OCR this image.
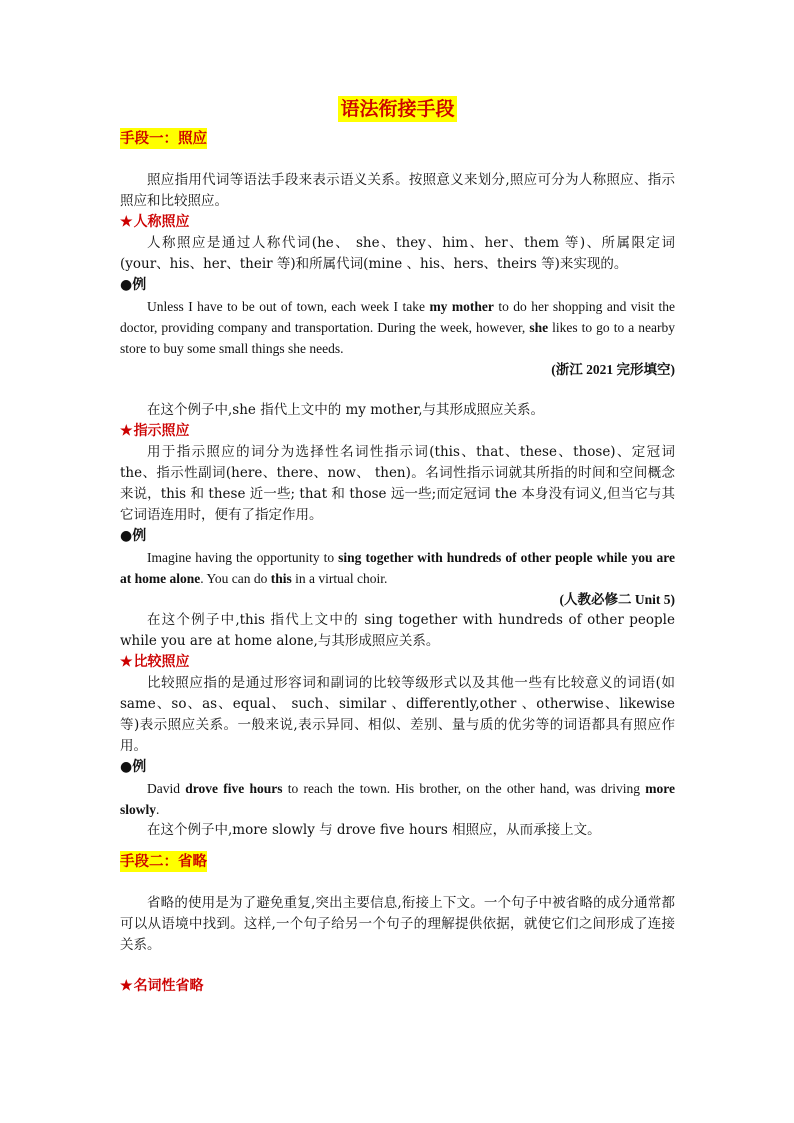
语法衔接手段
手段一：照应

照应指用代词等语法手段来表示语义关系。按照意义来划分,照应可分为人称照应、指示照应和比较照应。

★人称照应

人称照应是通过人称代词(he、 she、they、him、her、them 等)、所属限定词(your、his、her、their 等)和所属代词(mine 、his、hers、theirs 等)来实现的。

●例

Unless I have to be out of town, each week I take my mother to do her shopping and visit the doctor, providing company and transportation. During the week, however, she likes to go to a nearby store to buy some small things she needs.

(浙江 2021 完形填空)

在这个例子中,she 指代上文中的 my mother,与其形成照应关系。

★指示照应

用于指示照应的词分为选择性名词性指示词(this、that、these、those)、定冠词 the、指示性副词(here、there、now、 then)。名词性指示词就其所指的时间和空间概念来说，this 和 these 近一些; that 和 those 远一些;而定冠词 the 本身没有词义,但当它与其它词语连用时，便有了指定作用。

●例

Imagine having the opportunity to sing together with hundreds of other people while you are at home alone. You can do this in a virtual choir.

(人教必修二 Unit 5)

在这个例子中,this 指代上文中的 sing together with hundreds of other people while you are at home alone,与其形成照应关系。

★比较照应

比较照应指的是通过形容词和副词的比较等级形式以及其他一些有比较意义的词语(如 same、so、as、equal、 such、similar 、differently,other 、otherwise、likewise 等)表示照应关系。一般来说,表示异同、相似、差别、量与质的优劣等的词语都具有照应作用。

●例

David drove five hours to reach the town. His brother, on the other hand, was driving more slowly.

在这个例子中,more slowly 与 drove five hours 相照应，从而承接上文。

手段二：省略

省略的使用是为了避免重复,突出主要信息,衔接上下文。一个句子中被省略的成分通常都可以从语境中找到。这样,一个句子给另一个句子的理解提供依据，就使它们之间形成了连接关系。

★名词性省略
